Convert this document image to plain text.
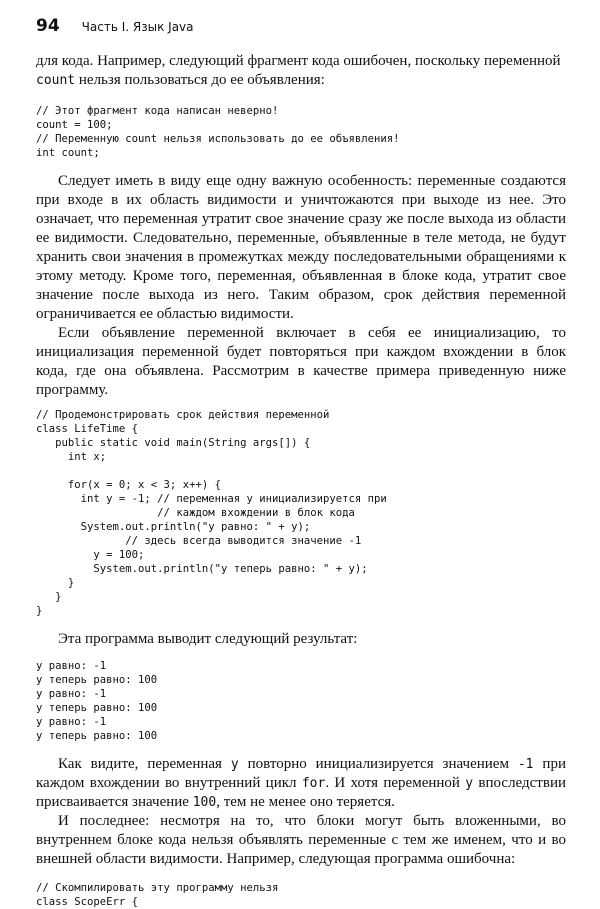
94 Часть I. Язык Java

для кода. Например, следующий фрагмент кода ошибочен, поскольку переменной
count нельзя пользоваться до ее объявления:

// Этот фрагмент кода написан неверно!
count = 100;
// Переменную count нельзя использовать до ее объявления!
int count;

Следует иметь в виду еще одну важную особенность: переменные создаются при входе в их область видимости и уничтожаются при выходе из нее. Это означает, что переменная утратит свое значение сразу же после выхода из области ее видимости. Следовательно, переменные, объявленные в теле метода, не будут хранить свои значения в промежутках между последовательными обращениями к этому методу. Кроме того, переменная, объявленная в блоке кода, утратит свое значение после выхода из него. Таким образом, срок действия переменной ограничивается ее областью видимости.

Если объявление переменной включает в себя ее инициализацию, то инициализация переменной будет повторяться при каждом вхождении в блок кода, где она объявлена. Рассмотрим в качестве примера приведенную ниже программу.

// Продемонстрировать срок действия переменной
class LifeTime {
public static void main(String args[]) {
int x;

for(x = 0; x < 3; x++) {
int y = -1; // переменная y инициализируется при
// каждом вхождении в блок кода
System.out.println("y равно: " + y);
// здесь всегда выводится значение -1
y = 100;
System.out.println("y теперь равно: " + y);
}
}
}

Эта программа выводит следующий результат:

y равно: -1
y теперь равно: 100
y равно: -1
y теперь равно: 100
y равно: -1
y теперь равно: 100

Как видите, переменная y повторно инициализируется значением -1 при каждом вхождении во внутренний цикл for. И хотя переменной y впоследствии присваивается значение 100, тем не менее оно теряется.

И последнее: несмотря на то, что блоки могут быть вложенными, во внутреннем блоке кода нельзя объявлять переменные с тем же именем, что и во внешней области видимости. Например, следующая программа ошибочна:

// Скомпилировать эту программу нельзя
class ScopeErr {
